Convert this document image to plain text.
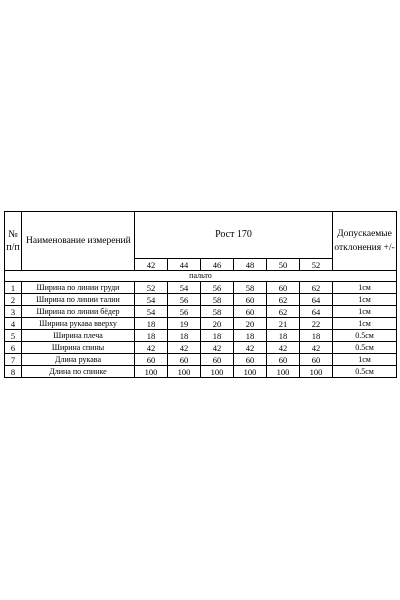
№ п/п	Наименование измерений	Рост 170						Допускаемые отклонения +/-
		42	44	46	48	50	52	
пальто								
1	Ширина по линии груди	52	54	56	58	60	62	1см
2	Ширина по линии талии	54	56	58	60	62	64	1см
3	Ширина по линии бёдер	54	56	58	60	62	64	1см
4	Ширина рукава вверху	18	19	20	20	21	22	1см
5	Ширина плеча	18	18	18	18	18	18	0.5см
6	Ширина спины	42	42	42	42	42	42	0.5см
7	Длина рукава	60	60	60	60	60	60	1см
8	Длина по спинке	100	100	100	100	100	100	0.5см
